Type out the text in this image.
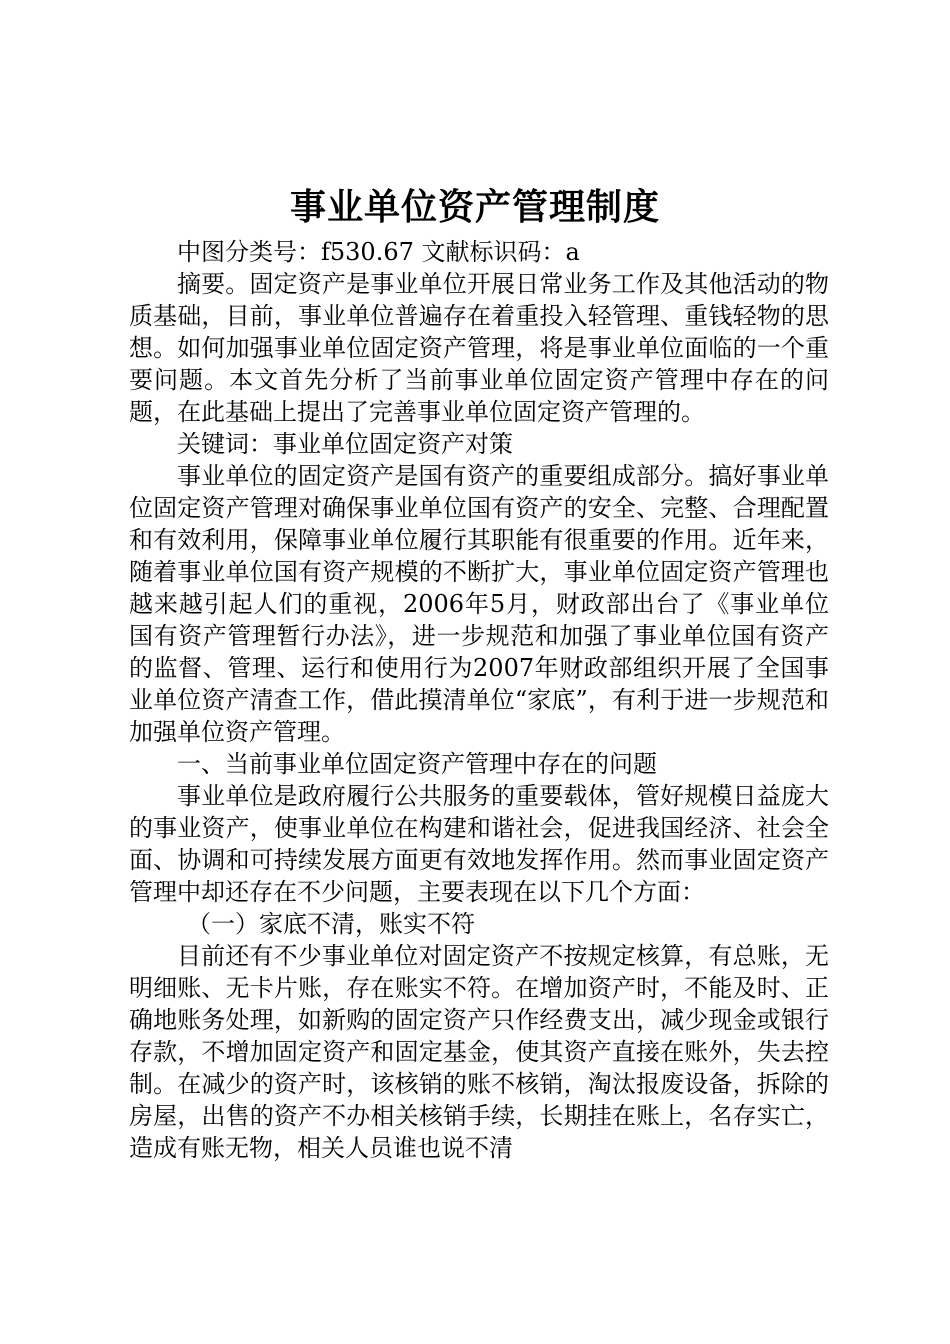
事业单位资产管理制度

中图分类号：f530.67 文献标识码：a

摘要。固定资产是事业单位开展日常业务工作及其他活动的物质基础，目前，事业单位普遍存在着重投入轻管理、重钱轻物的思想。如何加强事业单位固定资产管理，将是事业单位面临的一个重要问题。本文首先分析了当前事业单位固定资产管理中存在的问题，在此基础上提出了完善事业单位固定资产管理的。

关键词：事业单位固定资产对策

事业单位的固定资产是国有资产的重要组成部分。搞好事业单位固定资产管理对确保事业单位国有资产的安全、完整、合理配置和有效利用，保障事业单位履行其职能有很重要的作用。近年来，随着事业单位国有资产规模的不断扩大，事业单位固定资产管理也越来越引起人们的重视，2006年5月，财政部出台了《事业单位国有资产管理暂行办法》，进一步规范和加强了事业单位国有资产的监督、管理、运行和使用行为2007年财政部组织开展了全国事业单位资产清查工作，借此摸清单位“家底”，有利于进一步规范和加强单位资产管理。

一、当前事业单位固定资产管理中存在的问题

事业单位是政府履行公共服务的重要载体，管好规模日益庞大的事业资产，使事业单位在构建和谐社会，促进我国经济、社会全面、协调和可持续发展方面更有效地发挥作用。然而事业固定资产管理中却还存在不少问题，主要表现在以下几个方面：

（一）家底不清，账实不符

目前还有不少事业单位对固定资产不按规定核算，有总账，无明细账、无卡片账，存在账实不符。在增加资产时，不能及时、正确地账务处理，如新购的固定资产只作经费支出，减少现金或银行存款，不增加固定资产和固定基金，使其资产直接在账外，失去控制。在减少的资产时，该核销的账不核销，淘汰报废设备，拆除的房屋，出售的资产不办相关核销手续，长期挂在账上，名存实亡，造成有账无物，相关人员谁也说不清
